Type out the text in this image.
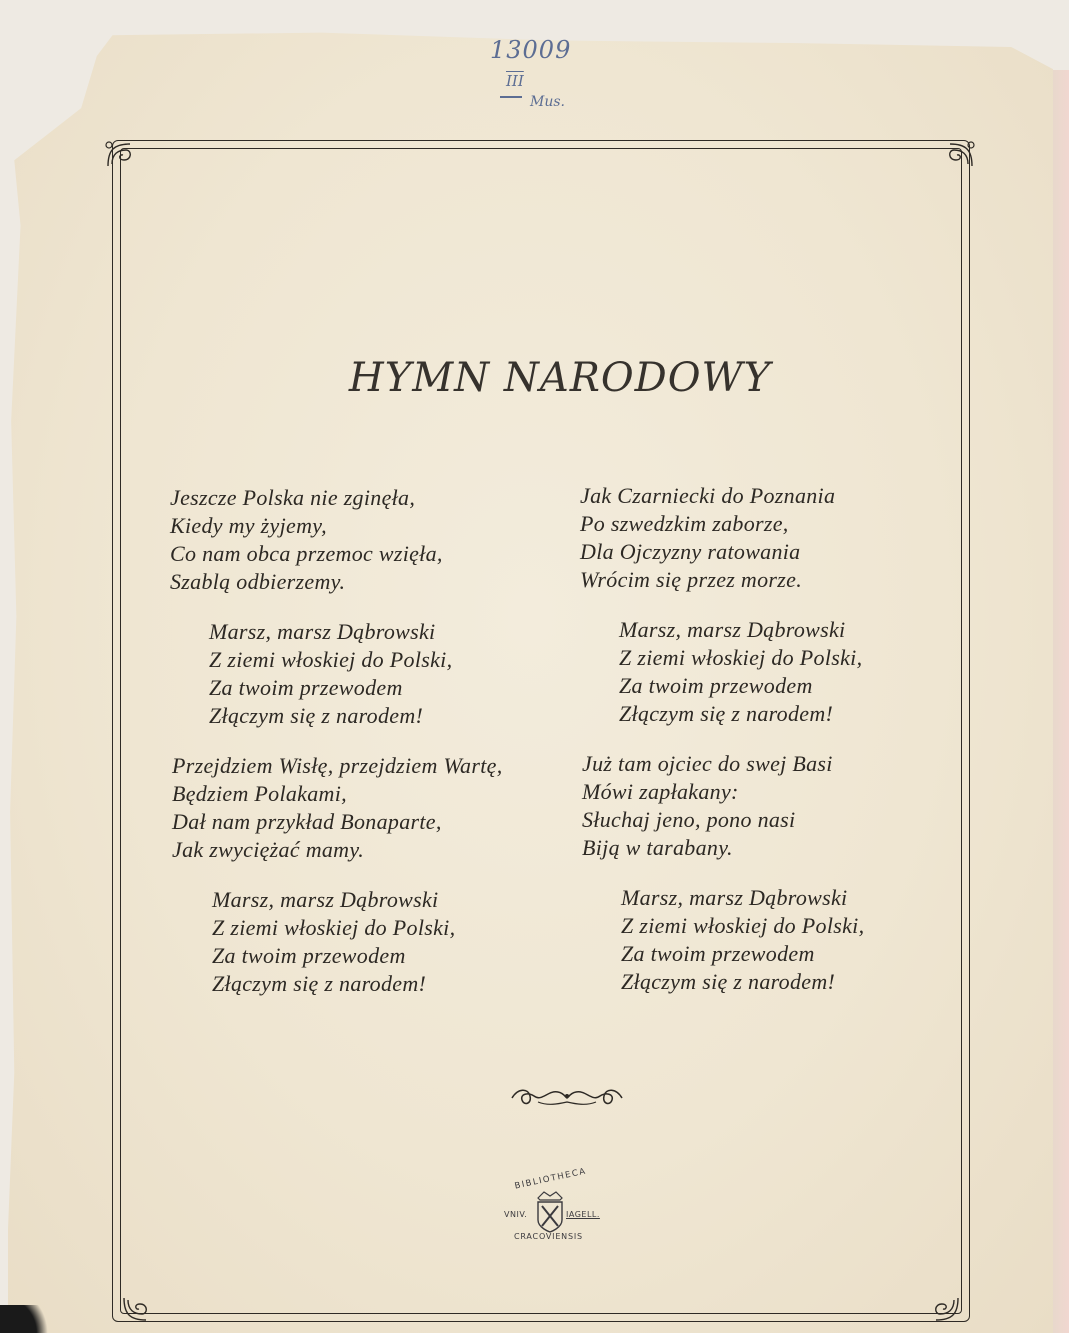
13009
$\overline{III}$
Mus.
HYMN NARODOWY
Jeszcze Polska nie zginęła,
Kiedy my żyjemy,
Co nam obca przemoc wzięła,
Szablą odbierzemy.
Marsz, marsz Dąbrowski
Z ziemi włoskiej do Polski,
Za twoim przewodem
Złączym się z narodem!
Przejdziem Wisłę, przejdziem Wartę,
Będziem Polakami,
Dał nam przykład Bonaparte,
Jak zwyciężać mamy.
Marsz, marsz Dąbrowski
Z ziemi włoskiej do Polski,
Za twoim przewodem
Złączym się z narodem!
Jak Czarniecki do Poznania
Po szwedzkim zaborze,
Dla Ojczyzny ratowania
Wrócim się przez morze.
Marsz, marsz Dąbrowski
Z ziemi włoskiej do Polski,
Za twoim przewodem
Złączym się z narodem!
Już tam ojciec do swej Basi
Mówi zapłakany:
Słuchaj jeno, pono nasi
Biją w tarabany.
Marsz, marsz Dąbrowski
Z ziemi włoskiej do Polski,
Za twoim przewodem
Złączym się z narodem!
BIBLIOTHECA
VNIV.	IAGELL.
CRACOVIENSIS
